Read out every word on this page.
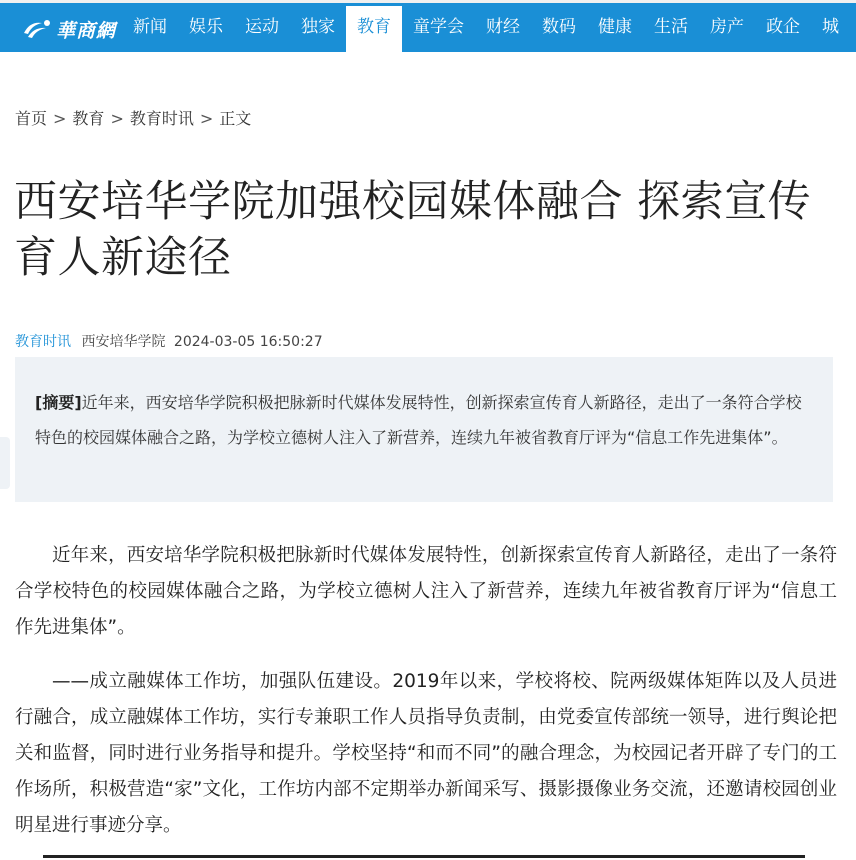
華商網 新闻	娱乐	运动	独家	教育	童学会	财经	数码	健康	生活	房产	政企	城
首页 > 教育 > 教育时讯 > 正文
西安培华学院加强校园媒体融合 探索宣传育人新途径
教育时讯 西安培华学院 2024-03-05 16:50:27
[摘要]近年来，西安培华学院积极把脉新时代媒体发展特性，创新探索宣传育人新路径，走出了一条符合学校特色的校园媒体融合之路，为学校立德树人注入了新营养，连续九年被省教育厅评为“信息工作先进集体”。

近年来，西安培华学院积极把脉新时代媒体发展特性，创新探索宣传育人新路径，走出了一条符合学校特色的校园媒体融合之路，为学校立德树人注入了新营养，连续九年被省教育厅评为“信息工作先进集体”。

——成立融媒体工作坊，加强队伍建设。2019年以来，学校将校、院两级媒体矩阵以及人员进行融合，成立融媒体工作坊，实行专兼职工作人员指导负责制，由党委宣传部统一领导，进行舆论把关和监督，同时进行业务指导和提升。学校坚持“和而不同”的融合理念，为校园记者开辟了专门的工作场所，积极营造“家”文化，工作坊内部不定期举办新闻采写、摄影摄像业务交流，还邀请校园创业明星进行事迹分享。
